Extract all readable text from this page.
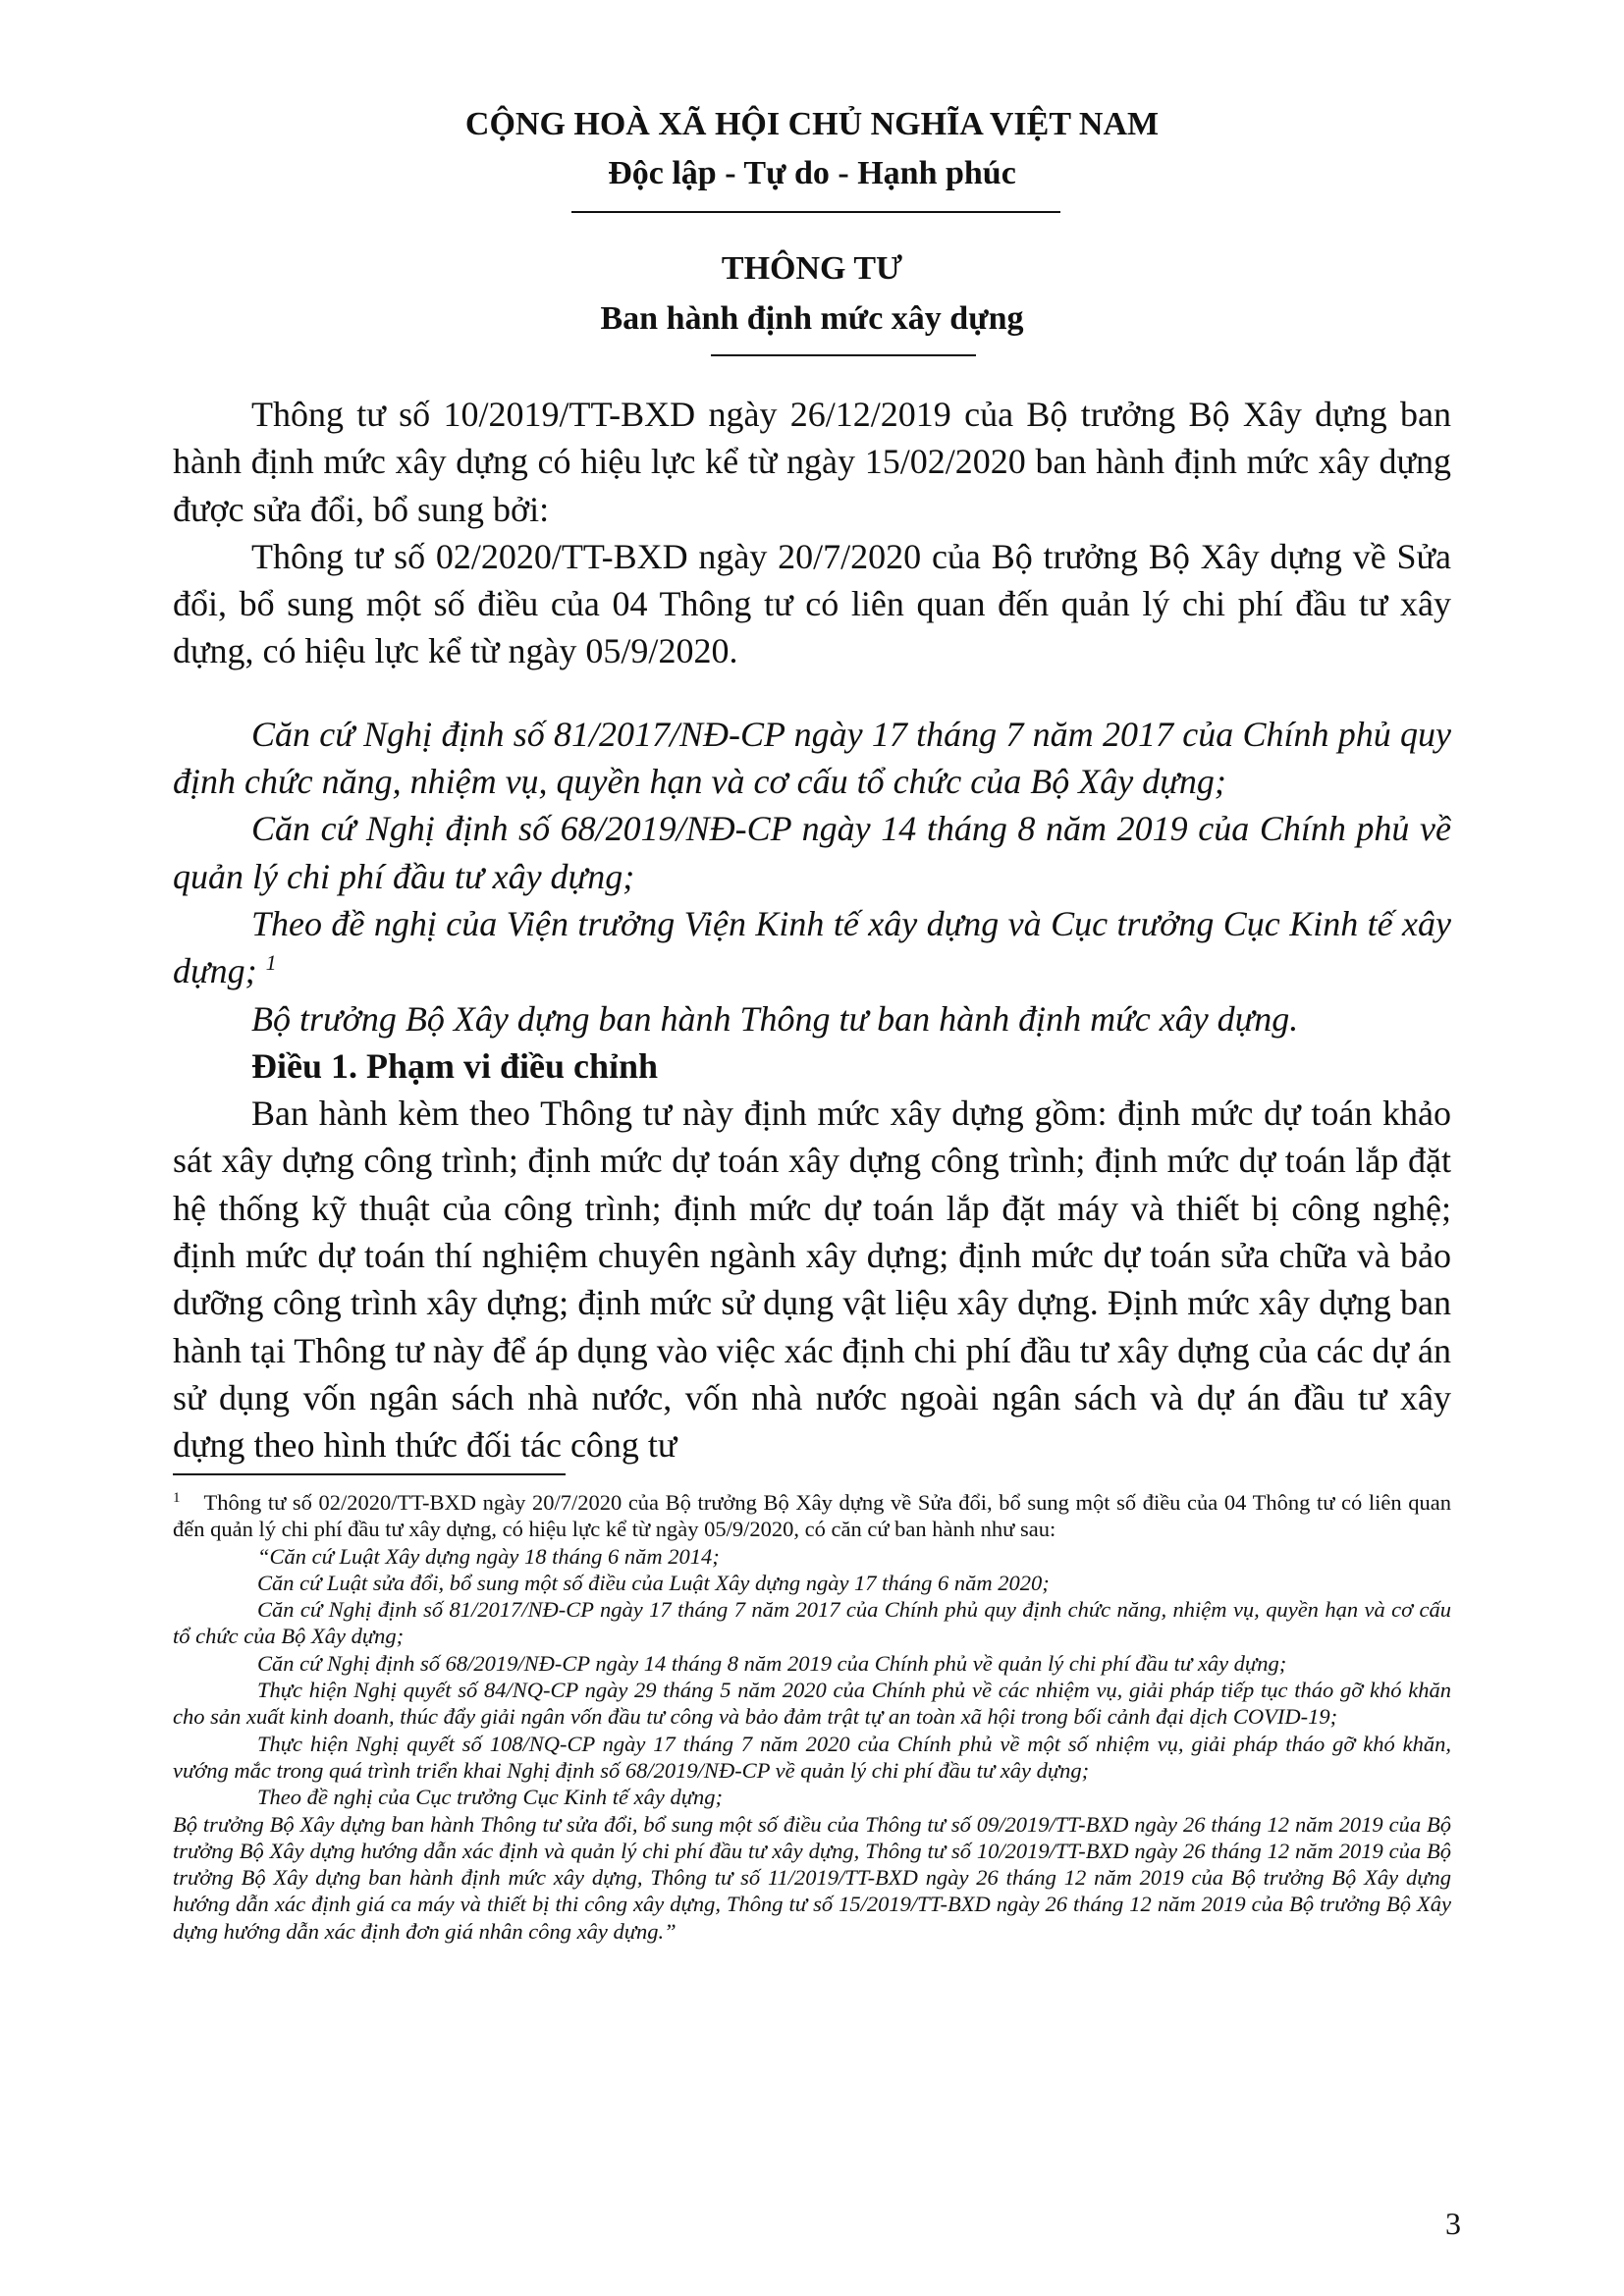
CỘNG HOÀ XÃ HỘI CHỦ NGHĨA VIỆT NAM
Độc lập - Tự do - Hạnh phúc
THÔNG TƯ
Ban hành định mức xây dựng

Thông tư số 10/2019/TT-BXD ngày 26/12/2019 của Bộ trưởng Bộ Xây dựng ban hành định mức xây dựng có hiệu lực kể từ ngày 15/02/2020 ban hành định mức xây dựng được sửa đổi, bổ sung bởi:

Thông tư số 02/2020/TT-BXD ngày 20/7/2020 của Bộ trưởng Bộ Xây dựng về Sửa đổi, bổ sung một số điều của 04 Thông tư có liên quan đến quản lý chi phí đầu tư xây dựng, có hiệu lực kể từ ngày 05/9/2020.

Căn cứ Nghị định số 81/2017/NĐ-CP ngày 17 tháng 7 năm 2017 của Chính phủ quy định chức năng, nhiệm vụ, quyền hạn và cơ cấu tổ chức của Bộ Xây dựng;

Căn cứ Nghị định số 68/2019/NĐ-CP ngày 14 tháng 8 năm 2019 của Chính phủ về quản lý chi phí đầu tư xây dựng;

Theo đề nghị của Viện trưởng Viện Kinh tế xây dựng và Cục trưởng Cục Kinh tế xây dựng; $^1$

Bộ trưởng Bộ Xây dựng ban hành Thông tư ban hành định mức xây dựng.

Điều 1. Phạm vi điều chỉnh

Ban hành kèm theo Thông tư này định mức xây dựng gồm: định mức dự toán khảo sát xây dựng công trình; định mức dự toán xây dựng công trình; định mức dự toán lắp đặt hệ thống kỹ thuật của công trình; định mức dự toán lắp đặt máy và thiết bị công nghệ; định mức dự toán thí nghiệm chuyên ngành xây dựng; định mức dự toán sửa chữa và bảo dưỡng công trình xây dựng; định mức sử dụng vật liệu xây dựng. Định mức xây dựng ban hành tại Thông tư này để áp dụng vào việc xác định chi phí đầu tư xây dựng của các dự án sử dụng vốn ngân sách nhà nước, vốn nhà nước ngoài ngân sách và dự án đầu tư xây dựng theo hình thức đối tác công tư

$^1$ Thông tư số 02/2020/TT-BXD ngày 20/7/2020 của Bộ trưởng Bộ Xây dựng về Sửa đổi, bổ sung một số điều của 04 Thông tư có liên quan đến quản lý chi phí đầu tư xây dựng, có hiệu lực kể từ ngày 05/9/2020, có căn cứ ban hành như sau:

“Căn cứ Luật Xây dựng ngày 18 tháng 6 năm 2014;

Căn cứ Luật sửa đổi, bổ sung một số điều của Luật Xây dựng ngày 17 tháng 6 năm 2020;

Căn cứ Nghị định số 81/2017/NĐ-CP ngày 17 tháng 7 năm 2017 của Chính phủ quy định chức năng, nhiệm vụ, quyền hạn và cơ cấu tổ chức của Bộ Xây dựng;

Căn cứ Nghị định số 68/2019/NĐ-CP ngày 14 tháng 8 năm 2019 của Chính phủ về quản lý chi phí đầu tư xây dựng;

Thực hiện Nghị quyết số 84/NQ-CP ngày 29 tháng 5 năm 2020 của Chính phủ về các nhiệm vụ, giải pháp tiếp tục tháo gỡ khó khăn cho sản xuất kinh doanh, thúc đẩy giải ngân vốn đầu tư công và bảo đảm trật tự an toàn xã hội trong bối cảnh đại dịch COVID-19;

Thực hiện Nghị quyết số 108/NQ-CP ngày 17 tháng 7 năm 2020 của Chính phủ về một số nhiệm vụ, giải pháp tháo gỡ khó khăn, vướng mắc trong quá trình triển khai Nghị định số 68/2019/NĐ-CP về quản lý chi phí đầu tư xây dựng;

Theo đề nghị của Cục trưởng Cục Kinh tế xây dựng;

Bộ trưởng Bộ Xây dựng ban hành Thông tư sửa đổi, bổ sung một số điều của Thông tư số 09/2019/TT-BXD ngày 26 tháng 12 năm 2019 của Bộ trưởng Bộ Xây dựng hướng dẫn xác định và quản lý chi phí đầu tư xây dựng, Thông tư số 10/2019/TT-BXD ngày 26 tháng 12 năm 2019 của Bộ trưởng Bộ Xây dựng ban hành định mức xây dựng, Thông tư số 11/2019/TT-BXD ngày 26 tháng 12 năm 2019 của Bộ trưởng Bộ Xây dựng hướng dẫn xác định giá ca máy và thiết bị thi công xây dựng, Thông tư số 15/2019/TT-BXD ngày 26 tháng 12 năm 2019 của Bộ trưởng Bộ Xây dựng hướng dẫn xác định đơn giá nhân công xây dựng.”

3
